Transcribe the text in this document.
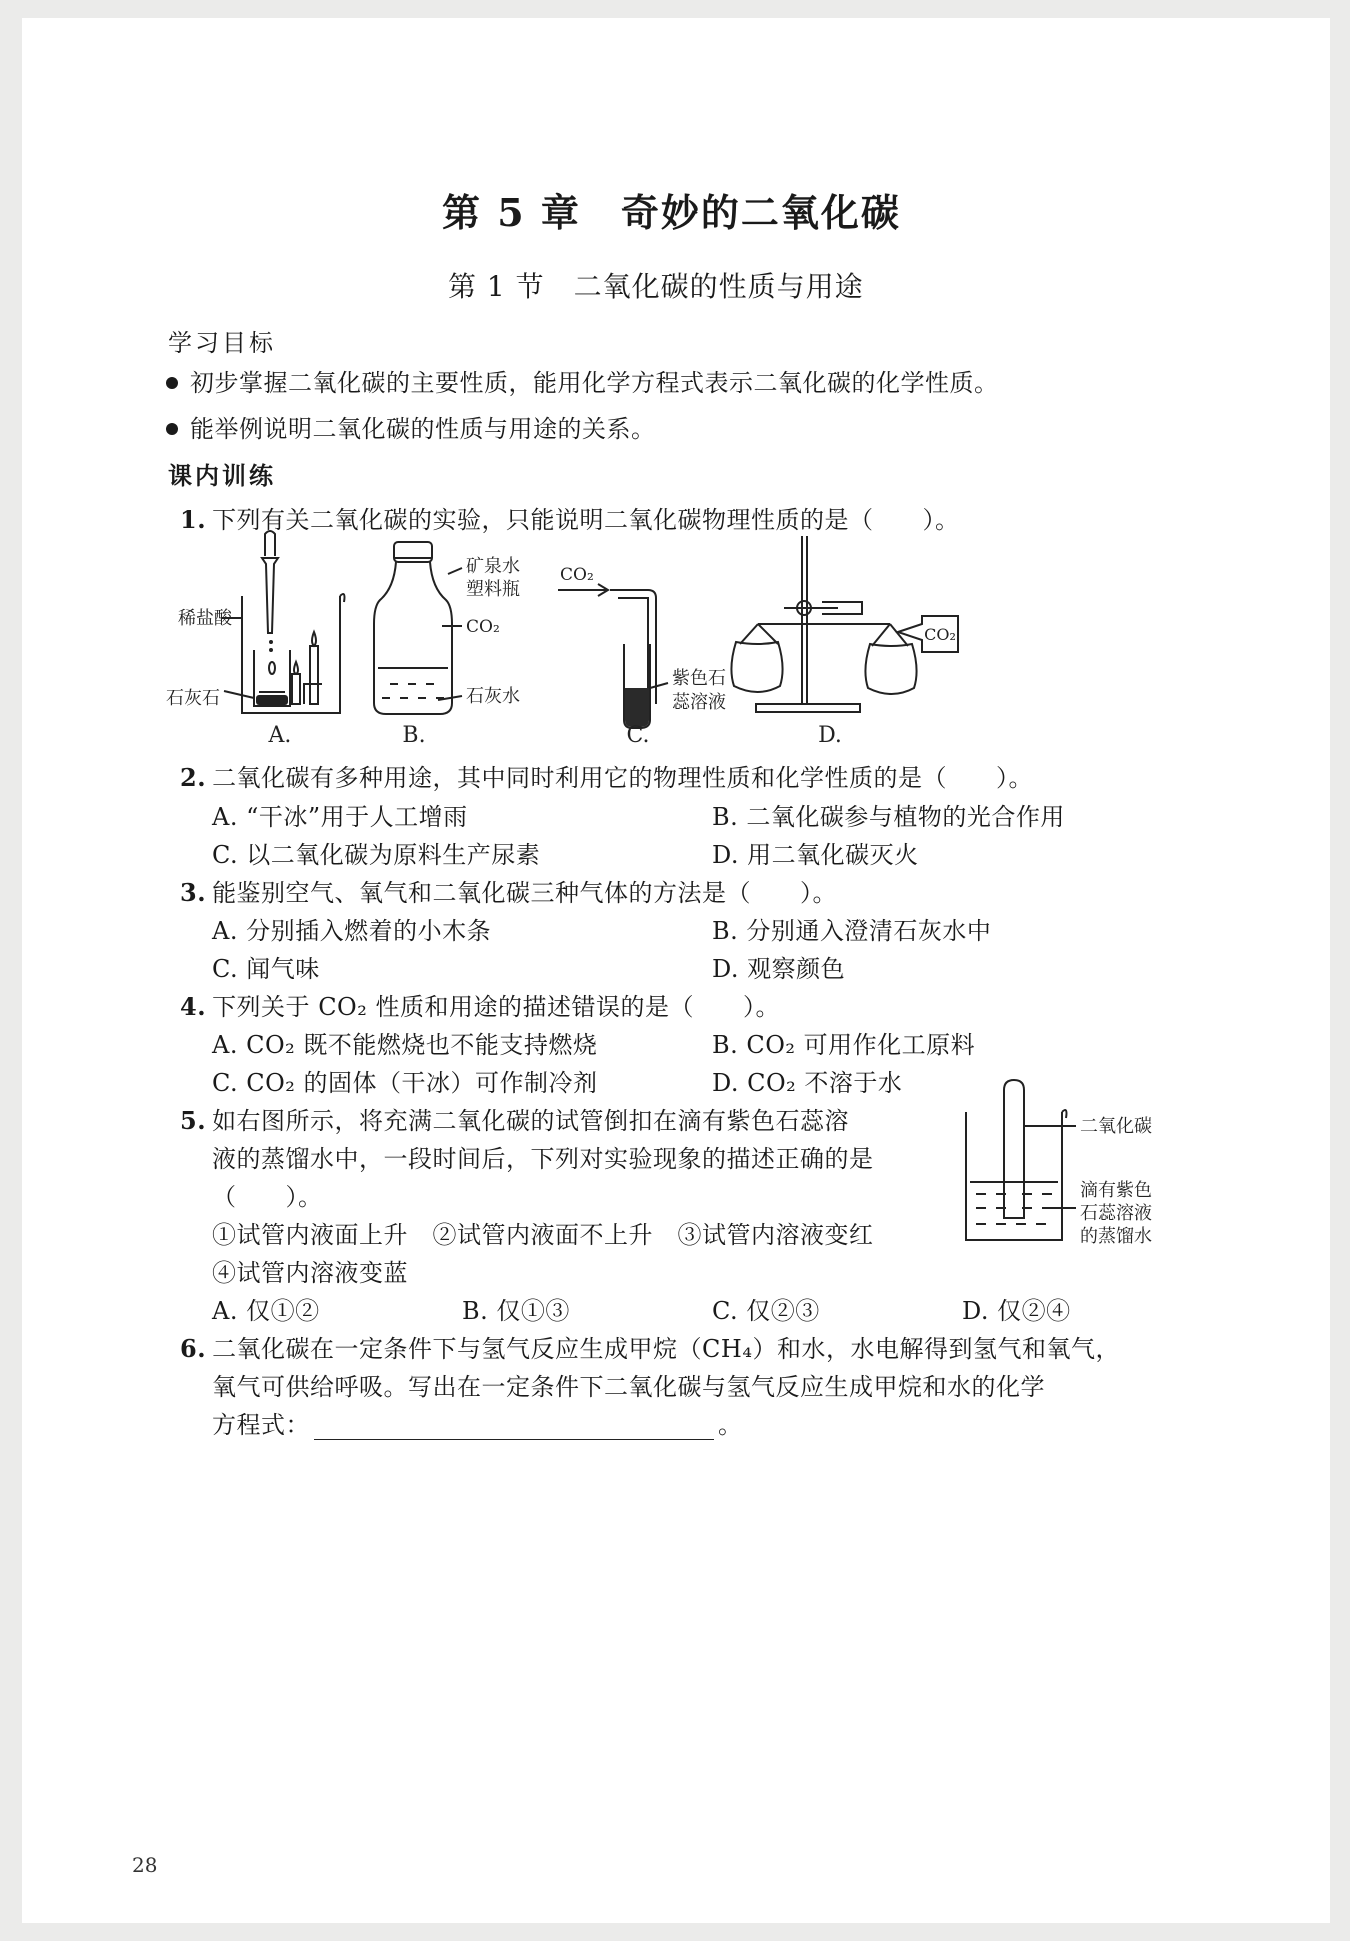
第 5 章　奇妙的二氧化碳
第 1 节　二氧化碳的性质与用途
学习目标
初步掌握二氧化碳的主要性质，能用化学方程式表示二氧化碳的化学性质。
能举例说明二氧化碳的性质与用途的关系。
课内训练
1. 下列有关二氧化碳的实验，只能说明二氧化碳物理性质的是（　　）。
稀盐酸
石灰石
A.
矿泉水
塑料瓶
CO₂
石灰水
B.
CO₂
紫色石
蕊溶液
C.
CO₂
D.
2. 二氧化碳有多种用途，其中同时利用它的物理性质和化学性质的是（　　）。
A. “干冰”用于人工增雨	B. 二氧化碳参与植物的光合作用
C. 以二氧化碳为原料生产尿素	D. 用二氧化碳灭火
3. 能鉴别空气、氧气和二氧化碳三种气体的方法是（　　）。
A. 分别插入燃着的小木条	B. 分别通入澄清石灰水中
C. 闻气味	D. 观察颜色
4. 下列关于 CO₂ 性质和用途的描述错误的是（　　）。
A. CO₂ 既不能燃烧也不能支持燃烧	B. CO₂ 可用作化工原料
C. CO₂ 的固体（干冰）可作制冷剂	D. CO₂ 不溶于水
5. 如右图所示，将充满二氧化碳的试管倒扣在滴有紫色石蕊溶
液的蒸馏水中，一段时间后，下列对实验现象的描述正确的是
（　　）。
①试管内液面上升　②试管内液面不上升　③试管内溶液变红
④试管内溶液变蓝
A. 仅①②	B. 仅①③	C. 仅②③	D. 仅②④
二氧化碳
滴有紫色
石蕊溶液
的蒸馏水
6. 二氧化碳在一定条件下与氢气反应生成甲烷（CH₄）和水，水电解得到氢气和氧气，
氧气可供给呼吸。写出在一定条件下二氧化碳与氢气反应生成甲烷和水的化学
方程式：	。
28
